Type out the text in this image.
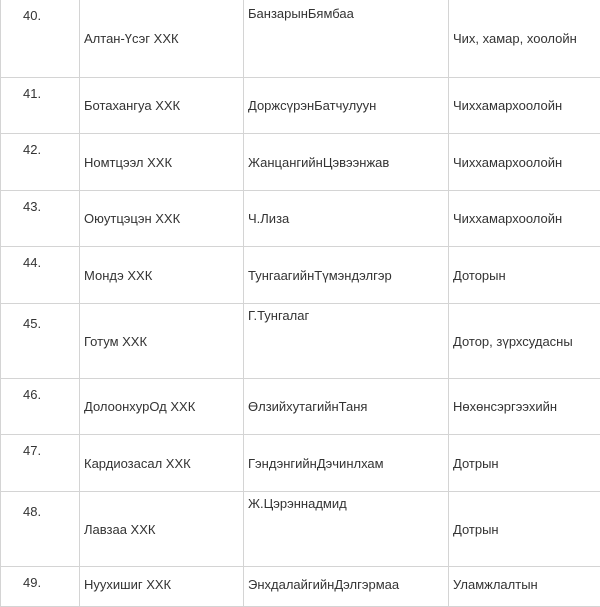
40.	Алтан-Үсэг ХХК	БанзарынБямбаа	Чих, хамар, хоолойн
41.	Ботахангуа ХХК	ДоржсүрэнБатчулуун	Чиххамархоолойн
42.	Номтцээл ХХК	ЖанцангийнЦэвээнжав	Чиххамархоолойн
43.	Оюутцэцэн ХХК	Ч.Лиза	Чиххамархоолойн
44.	Мондэ ХХК	ТунгаагийнТүмэндэлгэр	Доторын
45.	Готум ХХК	Г.Тунгалаг	Дотор, зүрхсудасны
46.	ДолоонхурОд ХХК	ӨлзийхутагийнТаня	Нөхөнсэргээхийн
47.	Кардиозасал ХХК	ГэндэнгийнДэчинлхам	Дотрын
48.	Лавзаа ХХК	Ж.Цэрэннадмид	Дотрын
49.	Нуухишиг ХХК	ЭнхдалайгийнДэлгэрмаа	Уламжлалтын
